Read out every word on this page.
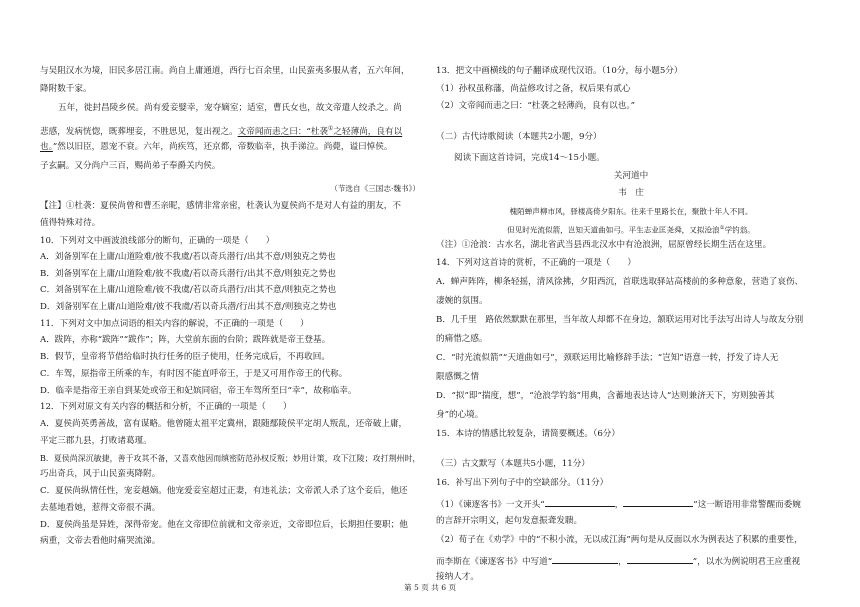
与吴阻汉水为境，旧民多居江南。尚自上庸通道，西行七百余里，山民蛮夷多服从者，五六年间，
降附数千家。
五年，徙封昌陵乡侯。尚有爱妾嬖幸，宠夺嫡室；适室，曹氏女也，故文帝遣人绞杀之。尚
悲感，发病恍惚，既葬埋妾，不胜思见，复出视之。文帝闻而恚之曰：“杜袭①之轻薄尚，良有以
也。”然以旧臣，恩宠不衰。六年，尚疾笃，还京都，帝数临幸，执手涕泣。尚薨，谥曰悼侯。
子玄嗣。又分尚户三百，赐尚弟子奉爵关内侯。
（节选自《三国志·魏书》）
【注】①杜袭：夏侯尚曾和曹丕亲昵，感情非常亲密，杜袭认为夏侯尚不是对人有益的朋友，不
值得特殊对待。
10．下列对文中画波浪线部分的断句，正确的一项是（　　）
A．刘备别军在上庸/山道险难/彼不我虞/若以奇兵潜行/出其不意/则独克之势也
B．刘备别军在上庸/山道险难/彼不我虞/若以奇兵潜行/出其不意/则独克之势也
C．刘备别军在上庸/山道险难/彼不我虞/若以奇兵潜行/出其不意/则独克之势也
D．刘备别军在上庸/山道险难/彼不我虞/若以奇兵潜/行出其不意/则独克之势也
11．下列对文中加点词语的相关内容的解说，不正确的一项是（　　）
A．跋阵，亦称“跋阵”“跋作”；阵，大堂前东面的台阶；跋阵就是帝王登基。
B．假节，皇帝将节借给临时执行任务的臣子使用，任务完成后，不再收回。
C．车驾，原指帝王所乘的车，有时因不能直呼帝王，于是又可用作帝王的代称。
D．临幸是指帝王亲自到某处或帝王和妃嫔同宿，帝王车驾所至曰“幸”，故称临幸。
12．下列对原文有关内容的概括和分析，不正确的一项是（　　）
A．夏侯尚英勇善战，富有谋略。他曾随太祖平定冀州，跟随鄢陵侯平定胡人叛乱，还帝破上庸，
平定三郡九县，打败诸葛瑾。
B．夏侯尚深沉敏捷，善于攻其不备，又喜欢他因而缜密防范孙权反叛；妙用计策，攻下江陵；攻打荆州时，
巧出奇兵，风于山民蛮夷降附。
C．夏侯尚纵情任性，宠妾越嫡。他宠爱妾室超过正妻，有违礼法；文帝派人杀了这个妾后，他还
去墓地看她，惹得文帝很不满。
D．夏侯尚虽是异姓，深得帝宠。他在文帝即位前就和文帝亲近，文帝即位后，长期担任要职；他
病重，文帝去看他时痛哭流涕。
13．把文中画横线的句子翻译成现代汉语。（10分，每小题5分）
（1）孙权虽称藩，尚益修攻讨之备，权后果有贰心
（2）文帝闻而恚之曰：“杜袭之轻薄尚，良有以也。”
（二）古代诗歌阅读（本题共2小题，9分）
阅读下面这首诗词，完成14～15小题。
关河道中
韦　庄
槐陌蝉声柳市风，驿楼高倚夕阳东。往来千里路长在，聚散十年人不同。
但见时光流似箭，岂知天道曲如弓。平生志业匡尧舜，又拟沧浪①学钓翁。
（注）①沧浪：古水名，湖北省武当县西北汉水中有沧浪洲，屈原曾经长期生活在这里。
14．下列对这首诗的赏析，不正确的一项是（　　）
A．蝉声阵阵，柳条轻摇，清风徐拂，夕阳西沉，首联选取驿站高楼前的多种意象，营造了哀伤、
凄婉的氛围。
B．几千里　路依然默默在那里，当年故人却都不在身边，颔联运用对比手法写出诗人与故友分别
的痛惜之感。
C．“时光流似箭”“天道曲如弓”，颈联运用比喻修辞手法；“岂知”语意一转，抒发了诗人无
限感慨之情
D．“拟”即“揣度，想”，“沧浪学钓翁”用典，含蓄地表达诗人“达则兼济天下，穷则独善其
身”的心境。
15．本诗的情感比较复杂，请简要概述。（6分）
（三）古文默写（本题共5小题，11分）
16．补写出下列句子中的空缺部分。（11分）
（1）《谏逐客书》一文开头“	，	”这一断语用非常警醒而委婉
的言辞开宗明义，起句发意振聋发聩。
（2）荀子在《劝学》中的“不积小流，无以成江海”两句是从反面以水为例表达了积累的重要性，
而李斯在《谏逐客书》中写道“	，	”，以水为例说明君王应重视
接纳人才。
第 5 页 共 6 页
